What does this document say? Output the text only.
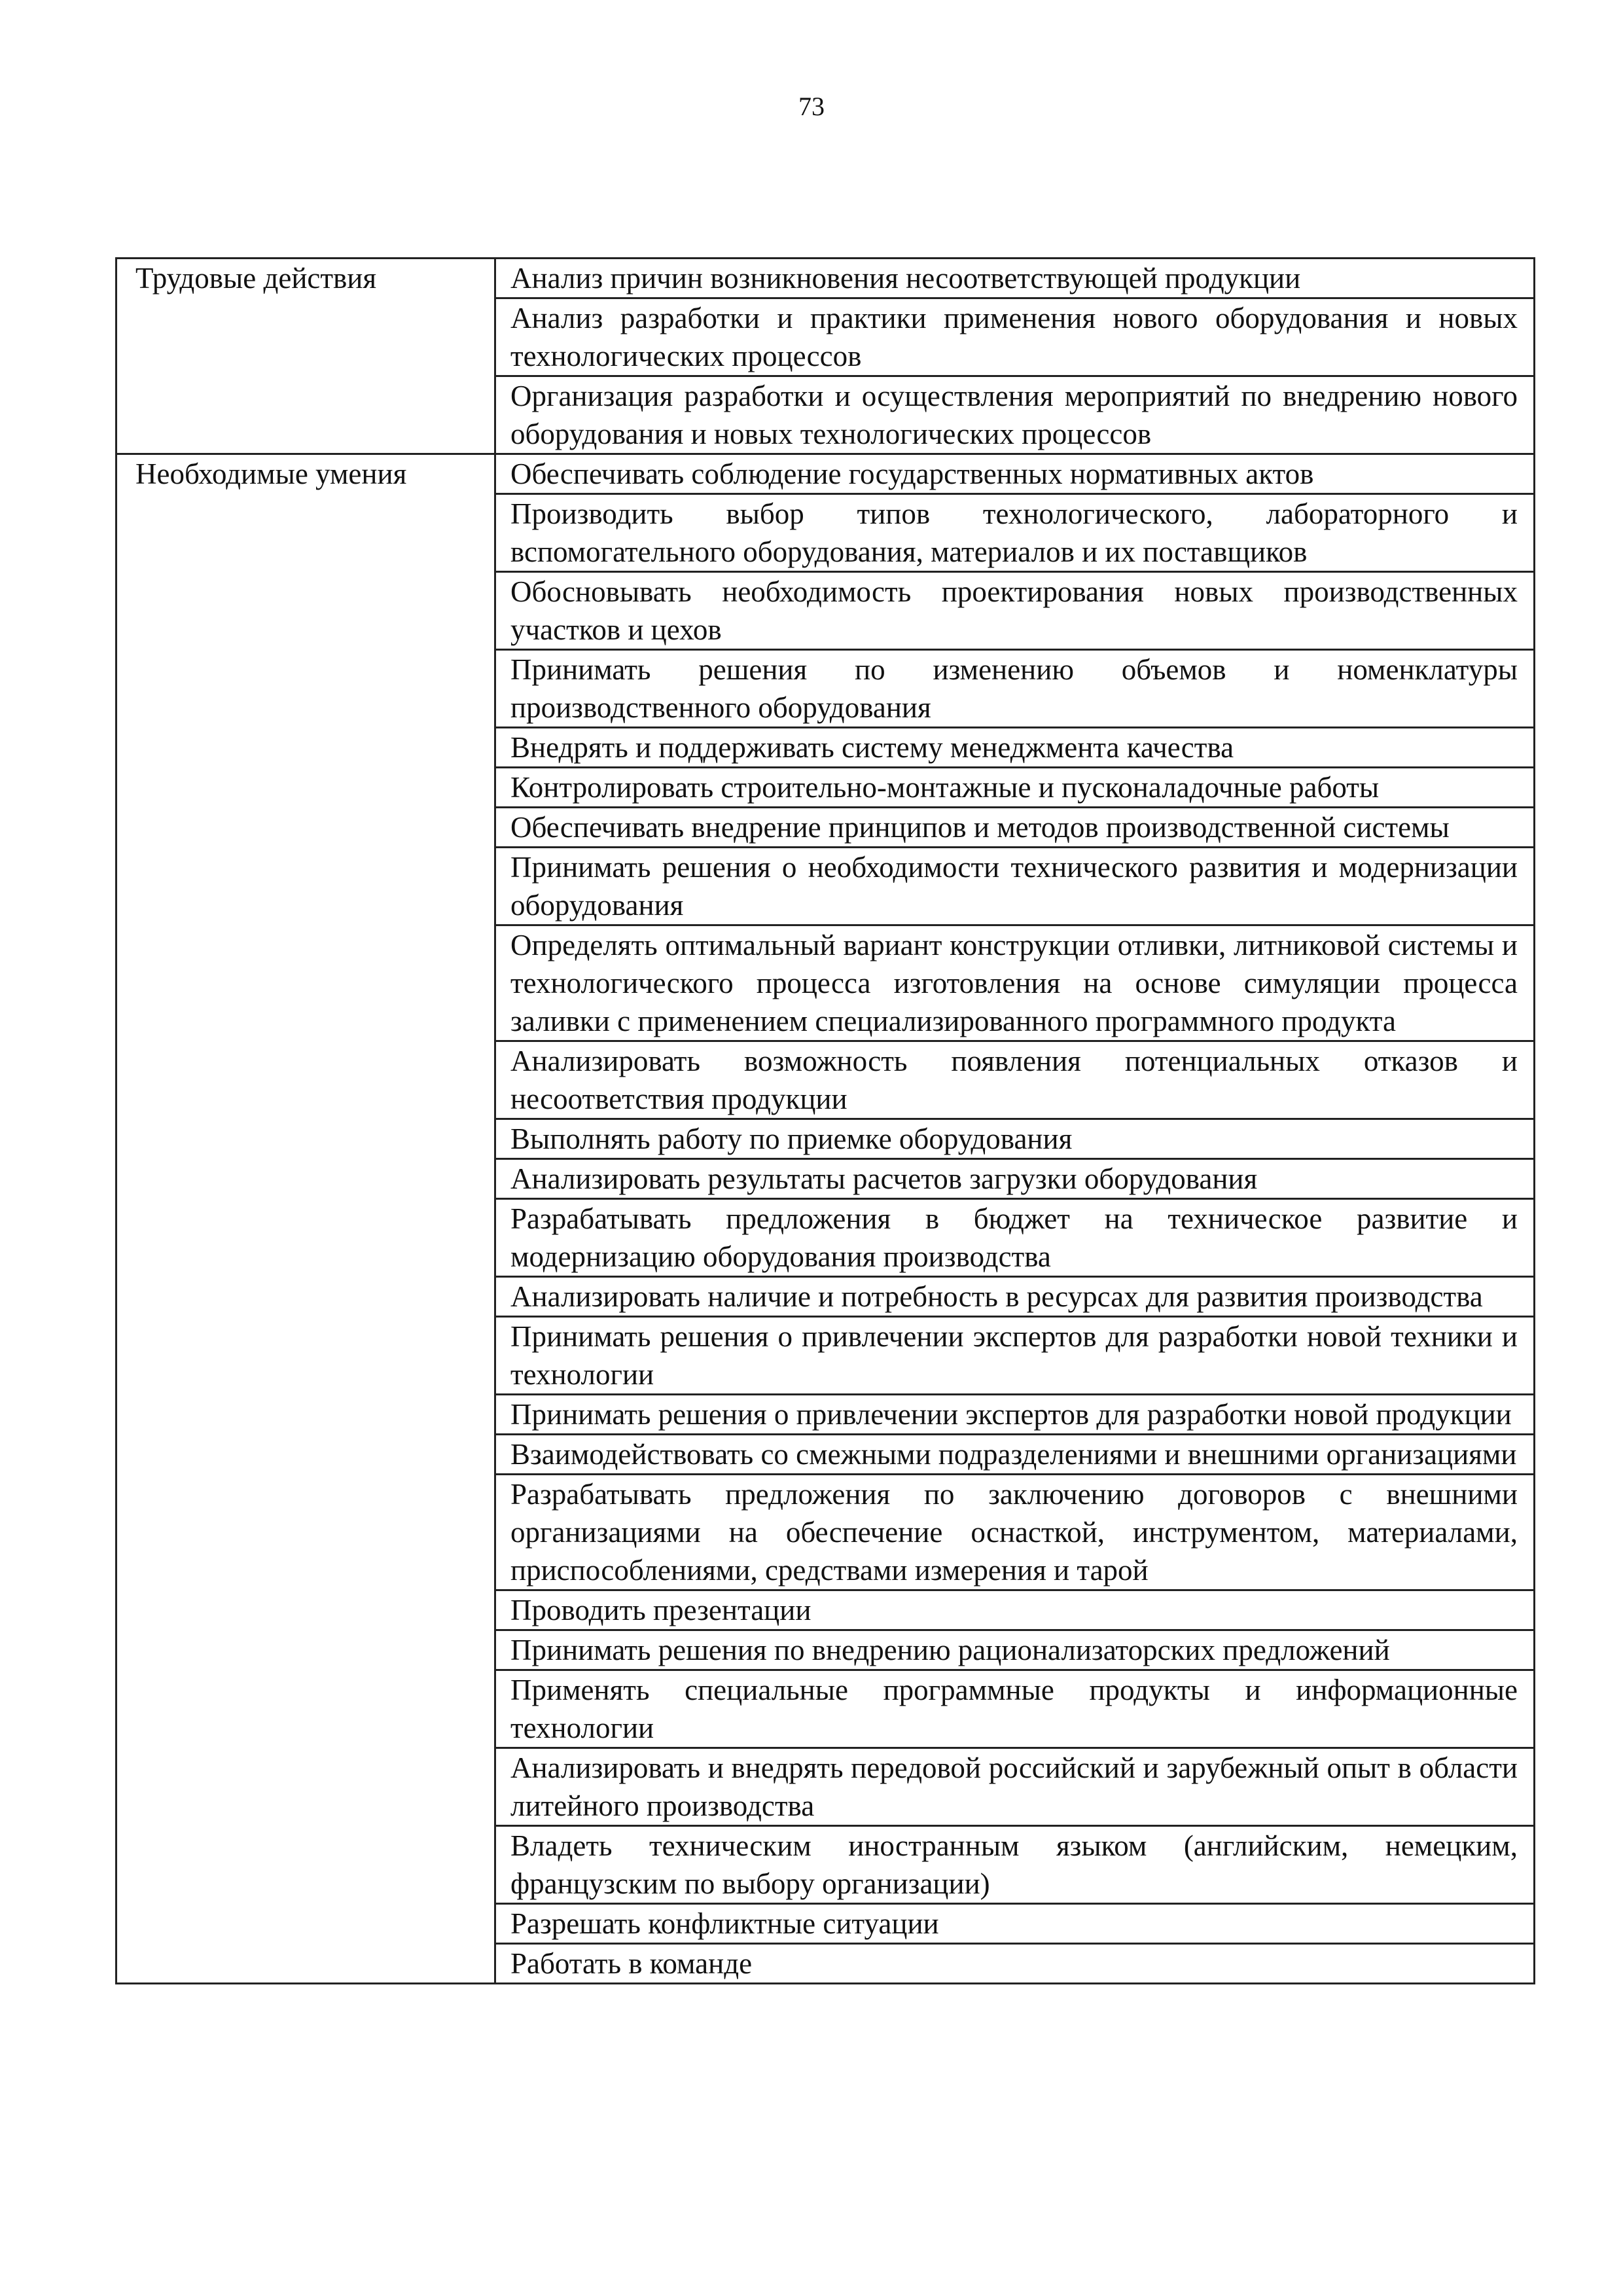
73
Трудовые действия	Анализ причин возникновения несоответствующей продукции
	Анализ разработки и практики применения нового оборудования и новых технологических процессов
	Организация разработки и осуществления мероприятий по внедрению нового оборудования и новых технологических процессов
Необходимые умения	Обеспечивать соблюдение государственных нормативных актов
	Производить выбор типов технологического, лабораторного и вспомогательного оборудования, материалов и их поставщиков
	Обосновывать необходимость проектирования новых производственных участков и цехов
	Принимать решения по изменению объемов и номенклатуры производственного оборудования
	Внедрять и поддерживать систему менеджмента качества
	Контролировать строительно-монтажные и пусконаладочные работы
	Обеспечивать внедрение принципов и методов производственной системы
	Принимать решения о необходимости технического развития и модернизации оборудования
	Определять оптимальный вариант конструкции отливки, литниковой системы и технологического процесса изготовления на основе симуляции процесса заливки с применением специализированного программного продукта
	Анализировать возможность появления потенциальных отказов и несоответствия продукции
	Выполнять работу по приемке оборудования
	Анализировать результаты расчетов загрузки оборудования
	Разрабатывать предложения в бюджет на техническое развитие и модернизацию оборудования производства
	Анализировать наличие и потребность в ресурсах для развития производства
	Принимать решения о привлечении экспертов для разработки новой техники и технологии
	Принимать решения о привлечении экспертов для разработки новой продукции
	Взаимодействовать со смежными подразделениями и внешними организациями
	Разрабатывать предложения по заключению договоров с внешними организациями на обеспечение оснасткой, инструментом, материалами, приспособлениями, средствами измерения и тарой
	Проводить презентации
	Принимать решения по внедрению рационализаторских предложений
	Применять специальные программные продукты и информационные технологии
	Анализировать и внедрять передовой российский и зарубежный опыт в области литейного производства
	Владеть техническим иностранным языком (английским, немецким, французским по выбору организации)
	Разрешать конфликтные ситуации
	Работать в команде
